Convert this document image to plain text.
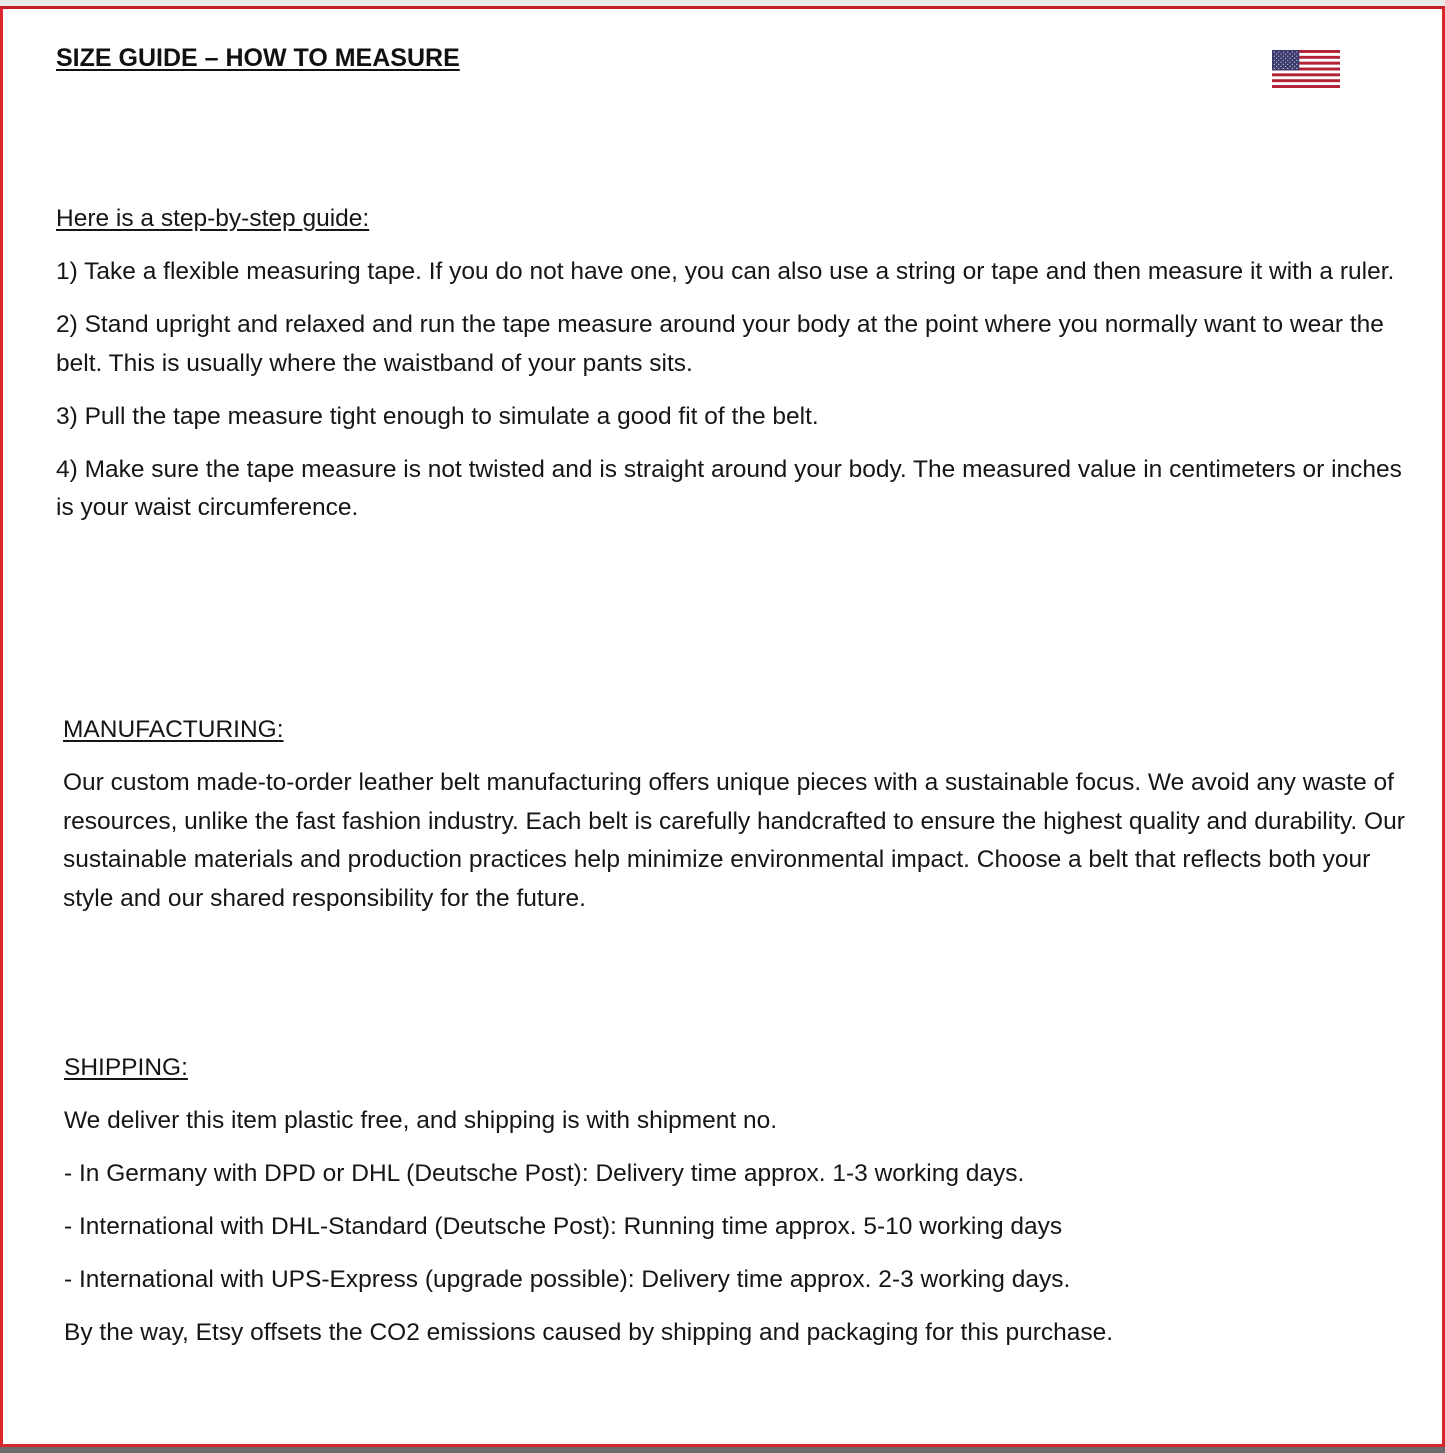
SIZE GUIDE – HOW TO MEASURE

Here is a step-by-step guide:

1) Take a flexible measuring tape. If you do not have one, you can also use a string or tape and then measure it with a ruler.

2) Stand upright and relaxed and run the tape measure around your body at the point where you normally want to wear the belt. This is usually where the waistband of your pants sits.

3) Pull the tape measure tight enough to simulate a good fit of the belt.

4) Make sure the tape measure is not twisted and is straight around your body. The measured value in centimeters or inches is your waist circumference.

MANUFACTURING:

Our custom made-to-order leather belt manufacturing offers unique pieces with a sustainable focus. We avoid any waste of resources, unlike the fast fashion industry. Each belt is carefully handcrafted to ensure the highest quality and durability. Our sustainable materials and production practices help minimize environmental impact. Choose a belt that reflects both your style and our shared responsibility for the future.

SHIPPING:

We deliver this item plastic free, and shipping is with shipment no.

- In Germany with DPD or DHL (Deutsche Post): Delivery time approx. 1-3 working days.

- International with DHL-Standard (Deutsche Post): Running time approx. 5-10 working days

- International with UPS-Express (upgrade possible): Delivery time approx. 2-3 working days.

By the way, Etsy offsets the CO2 emissions caused by shipping and packaging for this purchase.
